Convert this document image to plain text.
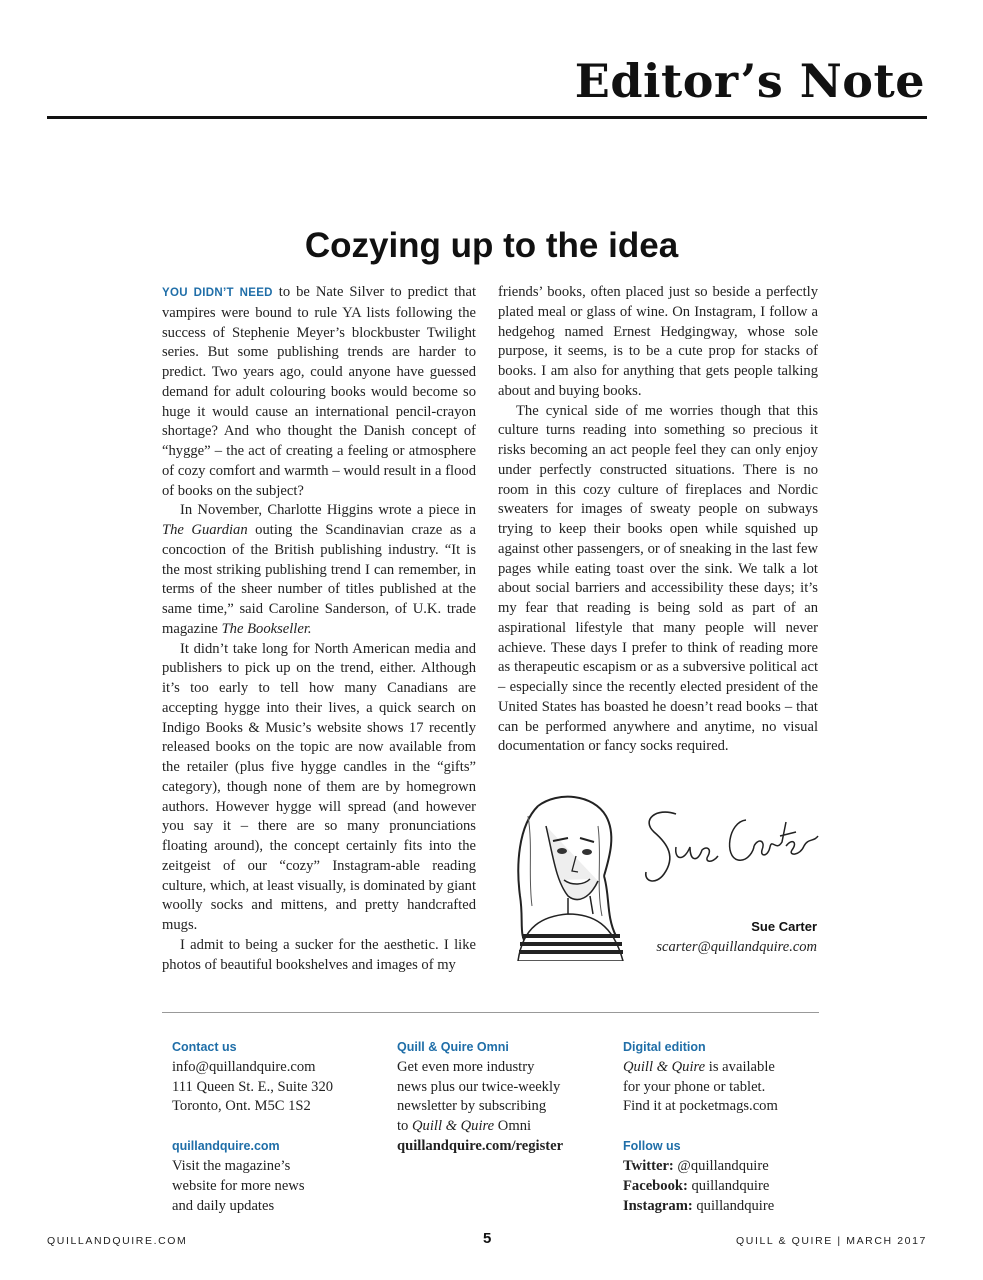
Editor’s Note
Cozying up to the idea

YOU DIDN’T NEED to be Nate Silver to predict that vampires were bound to rule YA lists following the success of Stephenie Meyer’s blockbuster Twilight series. But some publishing trends are harder to predict. Two years ago, could anyone have guessed demand for adult colouring books would become so huge it would cause an international pencil-crayon shortage? And who thought the Danish concept of “hygge” – the act of creating a feeling or atmosphere of cozy comfort and warmth – would result in a flood of books on the subject?

In November, Charlotte Higgins wrote a piece in The Guardian outing the Scandinavian craze as a concoction of the British publishing industry. “It is the most striking publishing trend I can remember, in terms of the sheer number of titles published at the same time,” said Caroline Sanderson, of U.K. trade magazine The Bookseller.

It didn’t take long for North American media and publishers to pick up on the trend, either. Although it’s too early to tell how many Canadians are accepting hygge into their lives, a quick search on Indigo Books & Music’s website shows 17 recently released books on the topic are now available from the retailer (plus five hygge candles in the “gifts” category), though none of them are by homegrown authors. However hygge will spread (and however you say it – there are so many pronunciations floating around), the concept certainly fits into the zeitgeist of our “cozy” Instagram-able reading culture, which, at least visually, is dominated by giant woolly socks and mittens, and pretty handcrafted mugs.

I admit to being a sucker for the aesthetic. I like photos of beautiful bookshelves and images of my

friends’ books, often placed just so beside a perfectly plated meal or glass of wine. On Instagram, I follow a hedgehog named Ernest Hedgingway, whose sole purpose, it seems, is to be a cute prop for stacks of books. I am also for anything that gets people talking about and buying books.

The cynical side of me worries though that this culture turns reading into something so precious it risks becoming an act people feel they can only enjoy under perfectly constructed situations. There is no room in this cozy culture of fireplaces and Nordic sweaters for images of sweaty people on subways trying to keep their books open while squished up against other passengers, or of sneaking in the last few pages while eating toast over the sink. We talk a lot about social barriers and accessibility these days; it’s my fear that reading is being sold as part of an aspirational lifestyle that many people will never achieve. These days I prefer to think of reading more as therapeutic escapism or as a subversive political act – especially since the recently elected president of the United States has boasted he doesn’t read books – that can be performed anywhere and anytime, no visual documentation or fancy socks required.

Sue Carter
scarter@quillandquire.com
Contact us
info@quillandquire.com
111 Queen St. E., Suite 320
Toronto, Ont. M5C 1S2
quillandquire.com
Visit the magazine’s
website for more news
and daily updates
Quill & Quire Omni
Get even more industry
news plus our twice-weekly
newsletter by subscribing
to Quill & Quire Omni
quillandquire.com/register
Digital edition
Quill & Quire is available
for your phone or tablet.
Find it at pocketmags.com
Follow us
Twitter: @quillandquire
Facebook: quillandquire
Instagram: quillandquire
QUILLANDQUIRE.COM	5	QUILL & QUIRE | MARCH 2017
